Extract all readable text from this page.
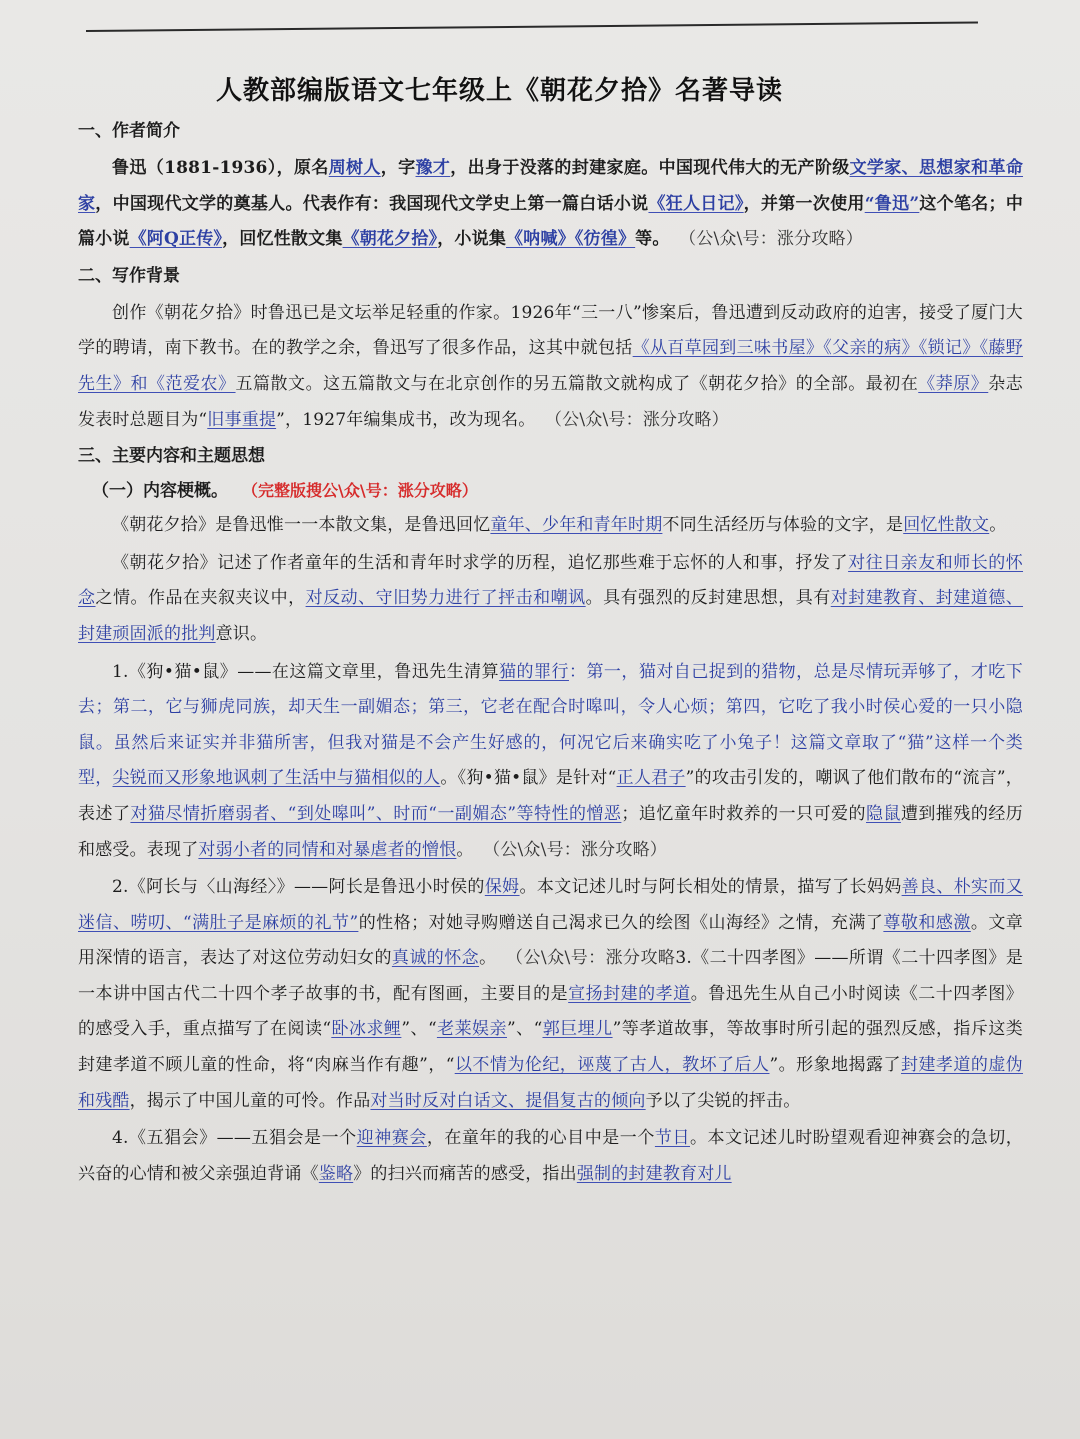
人教部编版语文七年级上《朝花夕拾》名著导读
一、作者简介

鲁迅（1881-1936），原名周树人，字豫才，出身于没落的封建家庭。中国现代伟大的无产阶级文学家、思想家和革命家，中国现代文学的奠基人。代表作有：我国现代文学史上第一篇白话小说《狂人日记》，并第一次使用“鲁迅”这个笔名；中篇小说《阿Q正传》，回忆性散文集《朝花夕拾》，小说集《呐喊》《彷徨》等。 （公\众\号：涨分攻略）

二、写作背景

创作《朝花夕拾》时鲁迅已是文坛举足轻重的作家。1926年“三一八”惨案后，鲁迅遭到反动政府的迫害，接受了厦门大学的聘请，南下教书。在的教学之余，鲁迅写了很多作品，这其中就包括《从百草园到三味书屋》《父亲的病》《锁记》《藤野先生》和《范爱农》五篇散文。这五篇散文与在北京创作的另五篇散文就构成了《朝花夕拾》的全部。最初在《莽原》杂志发表时总题目为“旧事重提”，1927年编集成书，改为现名。 （公\众\号：涨分攻略）

三、主要内容和主题思想
（一）内容梗概。 （完整版搜公\众\号：涨分攻略）

《朝花夕拾》是鲁迅惟一一本散文集，是鲁迅回忆童年、少年和青年时期不同生活经历与体验的文字，是回忆性散文。

《朝花夕拾》记述了作者童年的生活和青年时求学的历程，追忆那些难于忘怀的人和事，抒发了对往日亲友和师长的怀念之情。作品在夹叙夹议中，对反动、守旧势力进行了抨击和嘲讽。具有强烈的反封建思想，具有对封建教育、封建道德、封建顽固派的批判意识。

1.《狗•猫•鼠》——在这篇文章里，鲁迅先生清算猫的罪行：第一，猫对自己捉到的猎物，总是尽情玩弄够了，才吃下去；第二，它与狮虎同族，却天生一副媚态；第三，它老在配合时嗥叫，令人心烦；第四，它吃了我小时侯心爱的一只小隐鼠。虽然后来证实并非猫所害，但我对猫是不会产生好感的，何况它后来确实吃了小兔子！这篇文章取了“猫”这样一个类型，尖锐而又形象地讽刺了生活中与猫相似的人。《狗•猫•鼠》是针对“正人君子”的攻击引发的，嘲讽了他们散布的“流言”，表述了对猫尽情折磨弱者、“到处嗥叫”、时而“一副媚态”等特性的憎恶；追忆童年时救养的一只可爱的隐鼠遭到摧残的经历和感受。表现了对弱小者的同情和对暴虐者的憎恨。 （公\众\号：涨分攻略）

2.《阿长与〈山海经〉》——阿长是鲁迅小时侯的保姆。本文记述儿时与阿长相处的情景，描写了长妈妈善良、朴实而又迷信、唠叨、“满肚子是麻烦的礼节”的性格；对她寻购赠送自己渴求已久的绘图《山海经》之情，充满了尊敬和感激。文章用深情的语言，表达了对这位劳动妇女的真诚的怀念。 （公\众\号：涨分攻略3.《二十四孝图》——所谓《二十四孝图》是一本讲中国古代二十四个孝子故事的书，配有图画，主要目的是宣扬封建的孝道。鲁迅先生从自己小时阅读《二十四孝图》的感受入手，重点描写了在阅读“卧冰求鲤”、“老莱娱亲”、“郭巨埋儿”等孝道故事，等故事时所引起的强烈反感，指斥这类封建孝道不顾儿童的性命，将“肉麻当作有趣”，“以不情为伦纪，诬蔑了古人，教坏了后人”。形象地揭露了封建孝道的虚伪和残酷，揭示了中国儿童的可怜。作品对当时反对白话文、提倡复古的倾向予以了尖锐的抨击。

4.《五猖会》——五猖会是一个迎神赛会，在童年的我的心目中是一个节日。本文记述儿时盼望观看迎神赛会的急切，兴奋的心情和被父亲强迫背诵《鉴略》的扫兴而痛苦的感受，指出强制的封建教育对儿
